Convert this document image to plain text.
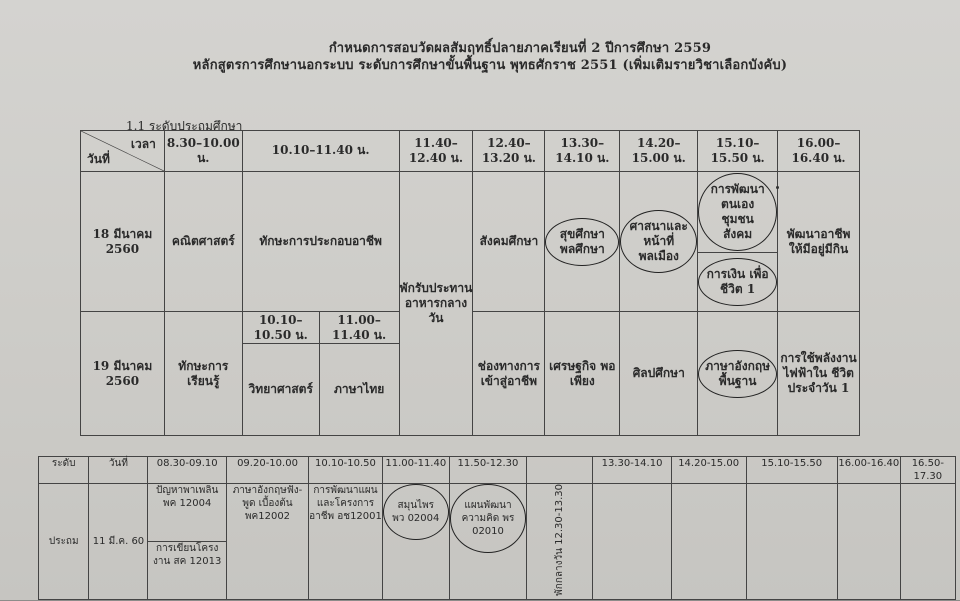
กำหนดการสอบวัดผลสัมฤทธิ์ปลายภาคเรียนที่ 2 ปีการศึกษา 2559
หลักสูตรการศึกษานอกระบบ ระดับการศึกษาขั้นพื้นฐาน พุทธศักราช 2551 (เพิ่มเติมรายวิชาเลือกบังคับ)
1.1 ระดับประถมศึกษา
เวลา
วันที่	8.30–10.00 น.	10.10–11.40 น.		11.40–12.40 น.	12.40–13.20 น.	13.30–14.10 น.	14.20–15.00 น.	15.10–15.50 น.	16.00–16.40 น.
18 มีนาคม 2560	คณิตศาสตร์	ทักษะการประกอบอาชีพ		พักรับประทาน อาหารกลางวัน	สังคมศึกษา	สุขศึกษา พลศึกษา	ศาสนาและ หน้าที่พลเมือง	การพัฒนา ตนเอง ชุมชน สังคม	พัฒนาอาชีพ ให้มีอยู่มีกิน
								การเงิน เพื่อชีวิต 1	
19 มีนาคม 2560	ทักษะการ เรียนรู้	10.10–10.50 น.	11.00–11.40 น.		ช่องทางการ เข้าสู่อาชีพ	เศรษฐกิจ พอเพียง	ศิลปศึกษา	ภาษาอังกฤษ พื้นฐาน	การใช้พลังงาน ไฟฟ้าใน ชีวิตประจำวัน 1
		วิทยาศาสตร์	ภาษาไทย						
ระดับ	วันที่	08.30-09.10	09.20-10.00	10.10-10.50	11.00-11.40	11.50-12.30		13.30-14.10	14.20-15.00	15.10-15.50	16.00-16.40	16.50-17.30
ประถม	11 มี.ค. 60	ปัญหาพาเพลิน พค 12004	ภาษาอังกฤษฟัง-พูด เบื้องต้น พค12002	การพัฒนาแผน และโครงการ อาชีพ อช12001	สมุนไพร พว 02004	แผนพัฒนา ความคิด พร 02010	พักกลางวัน 12.30-13.30					
		การเขียนโครงงาน สค 12013										
